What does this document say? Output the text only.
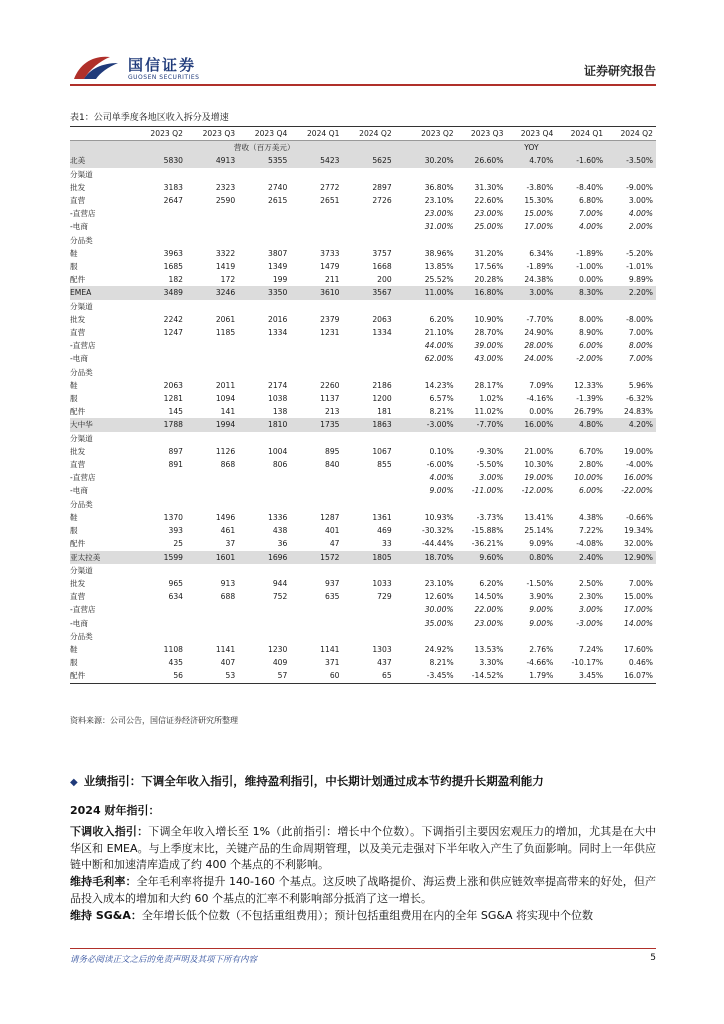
国信证券
GUOSEN SECURITIES	证券研究报告
表1：公司单季度各地区收入拆分及增速
	2023 Q2	2023 Q3	2023 Q4	2024 Q1	2024 Q2		2023 Q2	2023 Q3	2023 Q4	2024 Q1	2024 Q2
	营收（百万美元）						YOY				
北美	5830	4913	5355	5423	5625		30.20%	26.60%	4.70%	-1.60%	-3.50%
分渠道											
批发	3183	2323	2740	2772	2897		36.80%	31.30%	-3.80%	-8.40%	-9.00%
直营	2647	2590	2615	2651	2726		23.10%	22.60%	15.30%	6.80%	3.00%
-直营店							23.00%	23.00%	15.00%	7.00%	4.00%
-电商							31.00%	25.00%	17.00%	4.00%	2.00%
分品类											
鞋	3963	3322	3807	3733	3757		38.96%	31.20%	6.34%	-1.89%	-5.20%
服	1685	1419	1349	1479	1668		13.85%	17.56%	-1.89%	-1.00%	-1.01%
配件	182	172	199	211	200		25.52%	20.28%	24.38%	0.00%	9.89%
EMEA	3489	3246	3350	3610	3567		11.00%	16.80%	3.00%	8.30%	2.20%
分渠道											
批发	2242	2061	2016	2379	2063		6.20%	10.90%	-7.70%	8.00%	-8.00%
直营	1247	1185	1334	1231	1334		21.10%	28.70%	24.90%	8.90%	7.00%
-直营店							44.00%	39.00%	28.00%	6.00%	8.00%
-电商							62.00%	43.00%	24.00%	-2.00%	7.00%
分品类											
鞋	2063	2011	2174	2260	2186		14.23%	28.17%	7.09%	12.33%	5.96%
服	1281	1094	1038	1137	1200		6.57%	1.02%	-4.16%	-1.39%	-6.32%
配件	145	141	138	213	181		8.21%	11.02%	0.00%	26.79%	24.83%
大中华	1788	1994	1810	1735	1863		-3.00%	-7.70%	16.00%	4.80%	4.20%
分渠道											
批发	897	1126	1004	895	1067		0.10%	-9.30%	21.00%	6.70%	19.00%
直营	891	868	806	840	855		-6.00%	-5.50%	10.30%	2.80%	-4.00%
-直营店							4.00%	3.00%	19.00%	10.00%	16.00%
-电商							9.00%	-11.00%	-12.00%	6.00%	-22.00%
分品类											
鞋	1370	1496	1336	1287	1361		10.93%	-3.73%	13.41%	4.38%	-0.66%
服	393	461	438	401	469		-30.32%	-15.88%	25.14%	7.22%	19.34%
配件	25	37	36	47	33		-44.44%	-36.21%	9.09%	-4.08%	32.00%
亚太拉美	1599	1601	1696	1572	1805		18.70%	9.60%	0.80%	2.40%	12.90%
分渠道											
批发	965	913	944	937	1033		23.10%	6.20%	-1.50%	2.50%	7.00%
直营	634	688	752	635	729		12.60%	14.50%	3.90%	2.30%	15.00%
-直营店							30.00%	22.00%	9.00%	3.00%	17.00%
-电商							35.00%	23.00%	9.00%	-3.00%	14.00%
分品类											
鞋	1108	1141	1230	1141	1303		24.92%	13.53%	2.76%	7.24%	17.60%
服	435	407	409	371	437		8.21%	3.30%	-4.66%	-10.17%	0.46%
配件	56	53	57	60	65		-3.45%	-14.52%	1.79%	3.45%	16.07%
资料来源：公司公告，国信证券经济研究所整理
◆ 业绩指引：下调全年收入指引，维持盈利指引，中长期计划通过成本节约提升长期盈利能力
2024 财年指引：
下调收入指引：下调全年收入增长至 1%（此前指引：增长中个位数）。下调指引主要因宏观压力的增加，尤其是在大中华区和 EMEA。与上季度末比，关键产品的生命周期管理，以及美元走强对下半年收入产生了负面影响。同时上一年供应链中断和加速清库造成了约 400 个基点的不利影响。
维持毛利率：全年毛利率将提升 140-160 个基点。这反映了战略提价、海运费上涨和供应链效率提高带来的好处，但产品投入成本的增加和大约 60 个基点的汇率不利影响部分抵消了这一增长。
维持 SG&A：全年增长低个位数（不包括重组费用）；预计包括重组费用在内的全年 SG&A 将实现中个位数
请务必阅读正文之后的免责声明及其项下所有内容	5
